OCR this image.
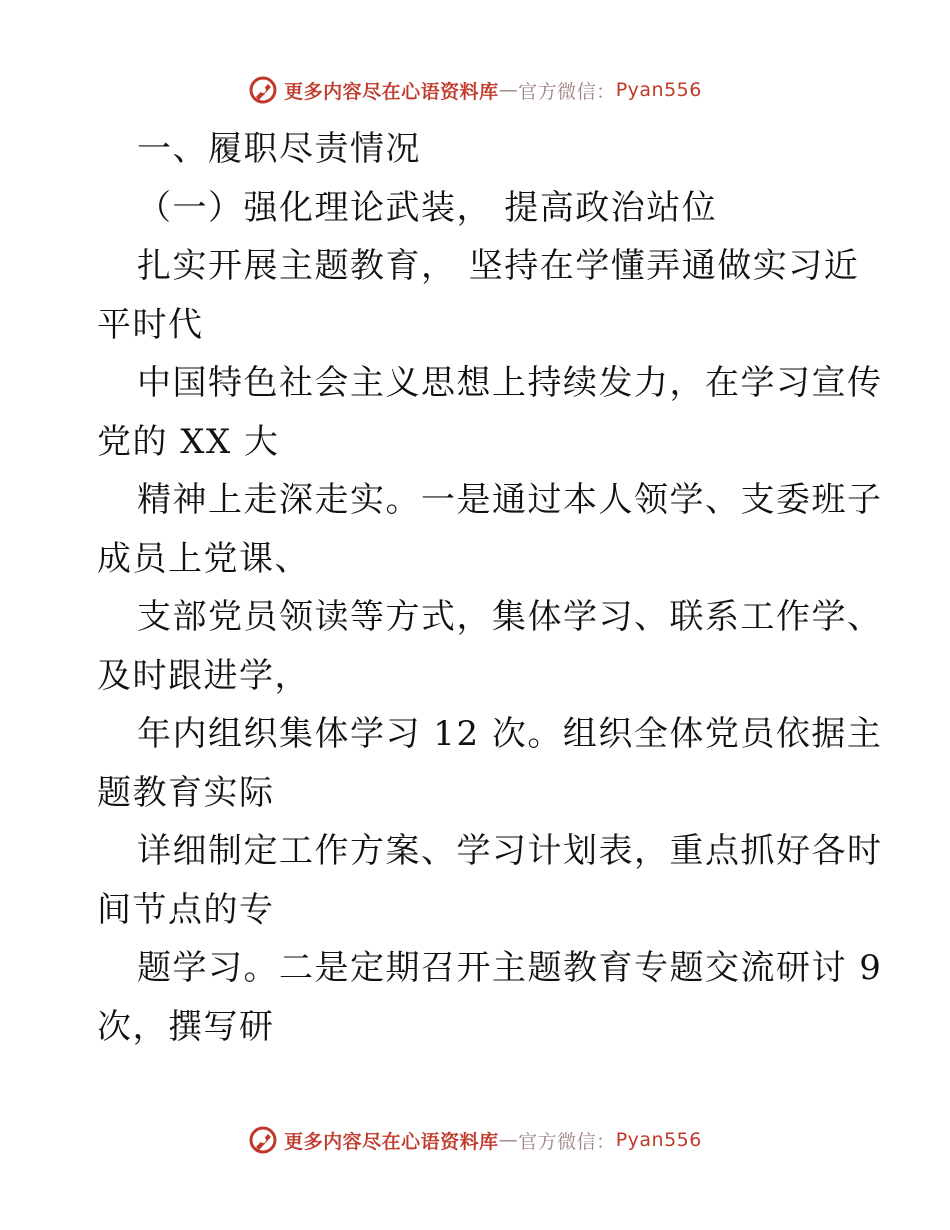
更多内容尽在心语资料库 — 官方微信： Pyan556
一、履职尽责情况
（一）强化理论武装， 提高政治站位
扎实开展主题教育， 坚持在学懂弄通做实习近
平时代
中国特色社会主义思想上持续发力，在学习宣传
党的 XX 大
精神上走深走实。一是通过本人领学、支委班子
成员上党课、
支部党员领读等方式，集体学习、联系工作学、
及时跟进学，
年内组织集体学习 12 次。组织全体党员依据主
题教育实际
详细制定工作方案、学习计划表，重点抓好各时
间节点的专
题学习。二是定期召开主题教育专题交流研讨 9
次，撰写研
更多内容尽在心语资料库 — 官方微信： Pyan556
